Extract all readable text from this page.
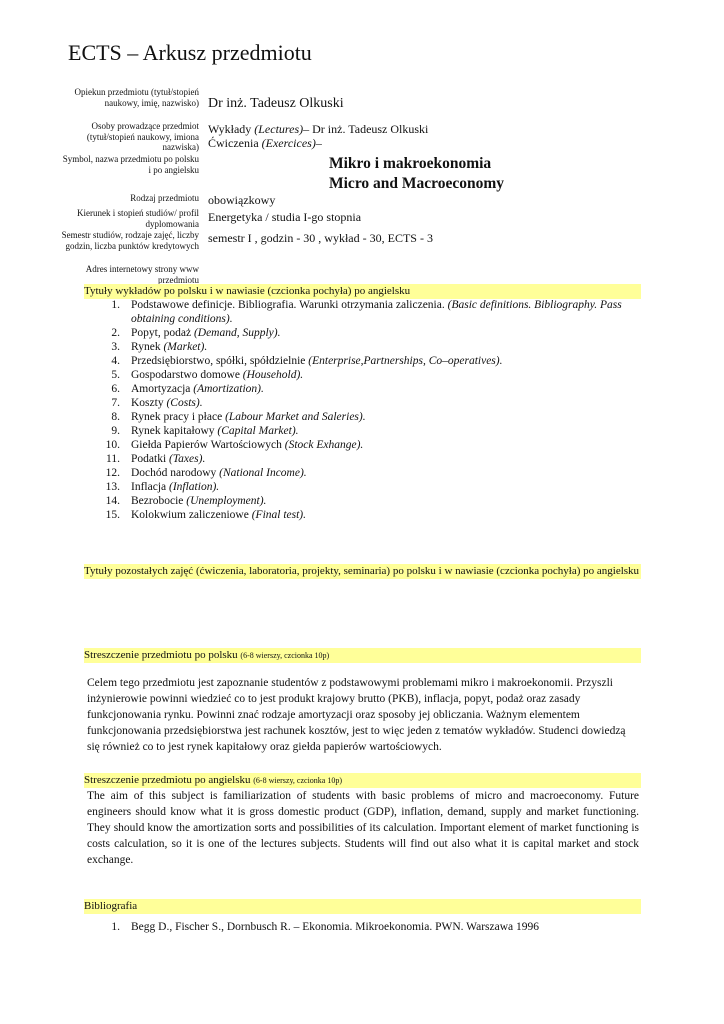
ECTS – Arkusz przedmiotu
Opiekun przedmiotu (tytuł/stopień naukowy, imię, nazwisko)
Osoby prowadzące przedmiot (tytuł/stopień naukowy, imiona nazwiska)
Symbol, nazwa przedmiotu po polsku i po angielsku
Rodzaj przedmiotu
Kierunek i stopień studiów/ profil dyplomowania
Semestr studiów, rodzaje zajęć, liczby godzin, liczba punktów kredytowych
Adres internetowy strony www przedmiotu
Dr inż. Tadeusz Olkuski
Wykłady (Lectures)– Dr inż. Tadeusz Olkuski
Ćwiczenia (Exercices)–
Mikro i makroekonomia
Micro and Macroeconomy
obowiązkowy
Energetyka / studia I-go stopnia
semestr I , godzin - 30 , wykład - 30, ECTS - 3
Tytuły wykładów po polsku i w nawiasie (czcionka pochyła) po angielsku
1. Podstawowe definicje. Bibliografia. Warunki otrzymania zaliczenia. (Basic definitions. Bibliography. Pass obtaining conditions).
2. Popyt, podaż (Demand, Supply).
3. Rynek (Market).
4. Przedsiębiorstwo, spółki, spółdzielnie (Enterprise,Partnerships, Co–operatives).
5. Gospodarstwo domowe (Household).
6. Amortyzacja (Amortization).
7. Koszty (Costs).
8. Rynek pracy i płace (Labour Market and Saleries).
9. Rynek kapitałowy (Capital Market).
10. Giełda Papierów Wartościowych (Stock Exhange).
11. Podatki (Taxes).
12. Dochód narodowy (National Income).
13. Inflacja (Inflation).
14. Bezrobocie (Unemployment).
15. Kolokwium zaliczeniowe (Final test).
Tytuły pozostałych zajęć (ćwiczenia, laboratoria, projekty, seminaria) po polsku i w nawiasie (czcionka pochyła) po angielsku
Streszczenie przedmiotu po polsku (6-8 wierszy, czcionka 10p)
Celem tego przedmiotu jest zapoznanie studentów z podstawowymi problemami mikro i makroekonomii. Przyszli inżynierowie powinni wiedzieć co to jest produkt krajowy brutto (PKB), inflacja, popyt, podaż oraz zasady funkcjonowania rynku. Powinni znać rodzaje amortyzacji oraz sposoby jej obliczania. Ważnym elementem funkcjonowania przedsiębiorstwa jest rachunek kosztów, jest to więc jeden z tematów wykładów. Studenci dowiedzą się również co to jest rynek kapitałowy oraz giełda papierów wartościowych.
Streszczenie przedmiotu po angielsku (6-8 wierszy, czcionka 10p)
The aim of this subject is familiarization of students with basic problems of micro and macroeconomy. Future engineers should know what it is gross domestic product (GDP), inflation, demand, supply and market functioning. They should know the amortization sorts and possibilities of its calculation. Important element of market functioning is costs calculation, so it is one of the lectures subjects. Students will find out also what it is capital market and stock exchange.
Bibliografia
1. Begg D., Fischer S., Dornbusch R. – Ekonomia. Mikroekonomia. PWN. Warszawa 1996
